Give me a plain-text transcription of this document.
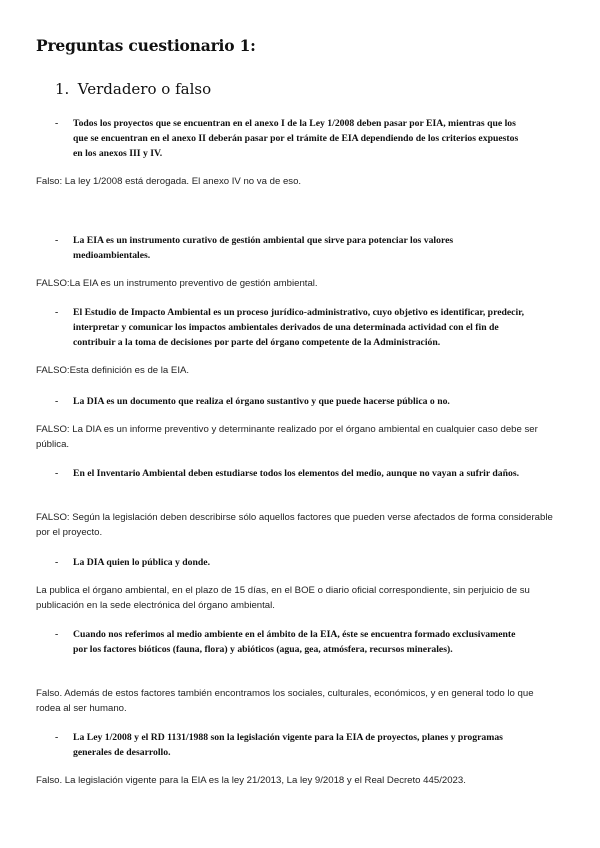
Preguntas cuestionario 1:
1. Verdadero o falso
- Todos los proyectos que se encuentran en el anexo I de la Ley 1/2008 deben pasar por EIA, mientras que los que se encuentran en el anexo II deberán pasar por el trámite de EIA dependiendo de los criterios expuestos en los anexos III y IV.
Falso: La ley 1/2008 está derogada. El anexo IV no va de eso.
- La EIA es un instrumento curativo de gestión ambiental que sirve para potenciar los valores medioambientales.
FALSO:La EIA es un instrumento preventivo de gestión ambiental.
- El Estudio de Impacto Ambiental es un proceso jurídico-administrativo, cuyo objetivo es identificar, predecir, interpretar y comunicar los impactos ambientales derivados de una determinada actividad con el fin de contribuir a la toma de decisiones por parte del órgano competente de la Administración.
FALSO:Esta definición es de la EIA.
- La DIA es un documento que realiza el órgano sustantivo y que puede hacerse pública o no.
FALSO: La DIA es un informe preventivo y determinante realizado por el órgano ambiental en cualquier caso debe ser pública.
- En el Inventario Ambiental deben estudiarse todos los elementos del medio, aunque no vayan a sufrir daños.
FALSO: Según la legislación deben describirse sólo aquellos factores que pueden verse afectados de forma considerable por el proyecto.
- La DIA quien lo pública y donde.
La publica el órgano ambiental, en el plazo de 15 días, en el BOE o diario oficial correspondiente, sin perjuicio de su publicación en la sede electrónica del órgano ambiental.
- Cuando nos referimos al medio ambiente en el ámbito de la EIA, éste se encuentra formado exclusivamente por los factores bióticos (fauna, flora) y abióticos (agua, gea, atmósfera, recursos minerales).
Falso. Además de estos factores también encontramos los sociales, culturales, económicos, y en general todo lo que rodea al ser humano.
- La Ley 1/2008 y el RD 1131/1988 son la legislación vigente para la EIA de proyectos, planes y programas generales de desarrollo.
Falso. La legislación vigente para la EIA es la ley 21/2013, La ley 9/2018 y el Real Decreto 445/2023.
